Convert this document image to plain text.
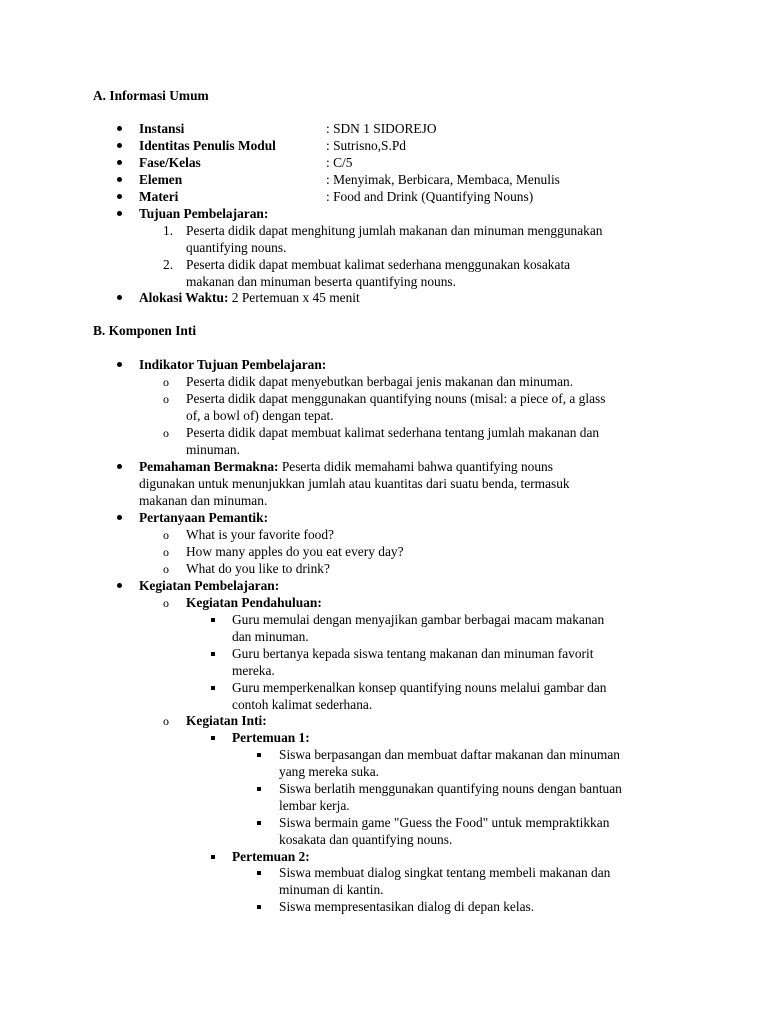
A. Informasi Umum
Instansi	: SDN 1 SIDOREJO
Identitas Penulis Modul	: Sutrisno,S.Pd
Fase/Kelas	: C/5
Elemen	: Menyimak, Berbicara, Membaca, Menulis
Materi	: Food and Drink (Quantifying Nouns)
Tujuan Pembelajaran:
1. Peserta didik dapat menghitung jumlah makanan dan minuman menggunakan
quantifying nouns.
2. Peserta didik dapat membuat kalimat sederhana menggunakan kosakata
makanan dan minuman beserta quantifying nouns.
Alokasi Waktu: 2 Pertemuan x 45 menit
B. Komponen Inti
Indikator Tujuan Pembelajaran:
o Peserta didik dapat menyebutkan berbagai jenis makanan dan minuman.
o Peserta didik dapat menggunakan quantifying nouns (misal: a piece of, a glass
of, a bowl of) dengan tepat.
o Peserta didik dapat membuat kalimat sederhana tentang jumlah makanan dan
minuman.
Pemahaman Bermakna: Peserta didik memahami bahwa quantifying nouns
digunakan untuk menunjukkan jumlah atau kuantitas dari suatu benda, termasuk
makanan dan minuman.
Pertanyaan Pemantik:
o What is your favorite food?
o How many apples do you eat every day?
o What do you like to drink?
Kegiatan Pembelajaran:
o Kegiatan Pendahuluan:
Guru memulai dengan menyajikan gambar berbagai macam makanan
dan minuman.
Guru bertanya kepada siswa tentang makanan dan minuman favorit
mereka.
Guru memperkenalkan konsep quantifying nouns melalui gambar dan
contoh kalimat sederhana.
o Kegiatan Inti:
Pertemuan 1:
Siswa berpasangan dan membuat daftar makanan dan minuman
yang mereka suka.
Siswa berlatih menggunakan quantifying nouns dengan bantuan
lembar kerja.
Siswa bermain game "Guess the Food" untuk mempraktikkan
kosakata dan quantifying nouns.
Pertemuan 2:
Siswa membuat dialog singkat tentang membeli makanan dan
minuman di kantin.
Siswa mempresentasikan dialog di depan kelas.
